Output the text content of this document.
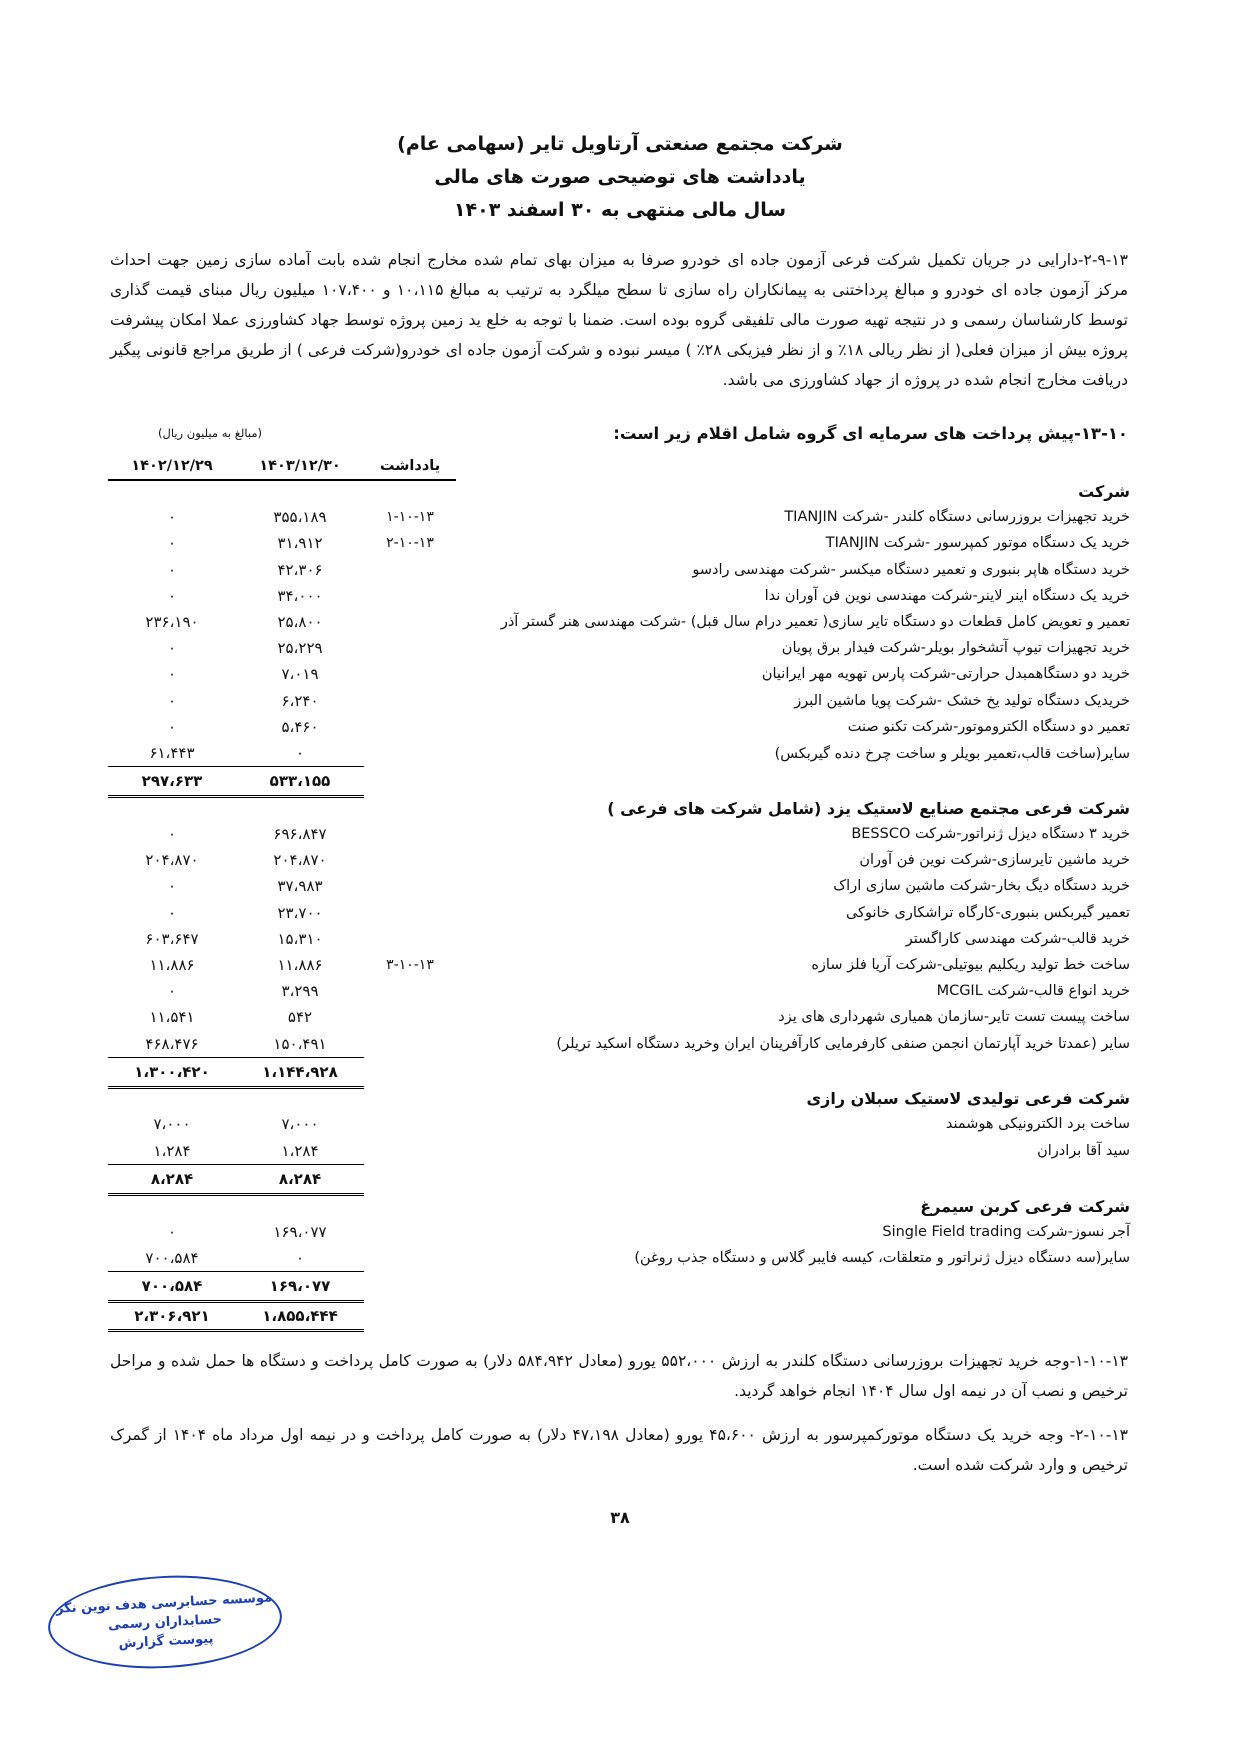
شرکت مجتمع صنعتی آرتاویل تایر (سهامی عام)
یادداشت های توضیحی صورت های مالی
سال مالی منتهی به ۳۰ اسفند ۱۴۰۳

۲-۹-۱۳-دارایی در جریان تکمیل شرکت فرعی آزمون جاده ای خودرو صرفا به میزان بهای تمام شده مخارج انجام شده بابت آماده سازی زمین جهت احداث مرکز آزمون جاده ای خودرو و مبالغ پرداختنی به پیمانکاران راه سازی تا سطح میلگرد به ترتیب به مبالغ ۱۰،۱۱۵ و ۱۰۷،۴۰۰ میلیون ریال مبنای قیمت گذاری توسط کارشناسان رسمی و در نتیجه تهیه صورت مالی تلفیقی گروه بوده است. ضمنا با توجه به خلع ید زمین پروژه توسط جهاد کشاورزی عملا امکان پیشرفت پروژه بیش از میزان فعلی( از نظر ریالی ۱۸٪ و از نظر فیزیکی ۲۸٪ ) میسر نبوده و شرکت آزمون جاده ای خودرو(شرکت فرعی ) از طریق مراجع قانونی پیگیر دریافت مخارج انجام شده در پروژه از جهاد کشاورزی می باشد.

۱۳-۱۰-پیش پرداخت های سرمایه ای گروه شامل اقلام زیر است:
(مبالغ به میلیون ریال)
	یادداشت	۱۴۰۳/۱۲/۳۰	۱۴۰۲/۱۲/۲۹
شرکت			
خرید تجهیزات بروزرسانی دستگاه کلندر -شرکت TIANJIN	۱-۱۰-۱۳	۳۵۵،۱۸۹	۰
خرید یک دستگاه موتور کمپرسور -شرکت TIANJIN	۲-۱۰-۱۳	۳۱،۹۱۲	۰
خرید دستگاه هاپر بنبوری و تعمیر دستگاه میکسر -شرکت مهندسی رادسو		۴۲،۳۰۶	۰
خرید یک دستگاه اینر لاینر-شرکت مهندسی نوین فن آوران ندا		۳۴،۰۰۰	۰
تعمیر و تعویض کامل قطعات دو دستگاه تایر سازی( تعمیر درام سال قبل) -شرکت مهندسی هنر گستر آذر		۲۵،۸۰۰	۲۳۶،۱۹۰
خرید تجهیزات تیوپ آتشخوار بویلر-شرکت فیدار برق پویان		۲۵،۲۲۹	۰
خرید دو دستگاهمبدل حرارتی-شرکت پارس تهویه مهر ایرانیان		۷،۰۱۹	۰
خریدیک دستگاه تولید یخ خشک -شرکت پویا ماشین البرز		۶،۲۴۰	۰
تعمیر دو دستگاه الکتروموتور-شرکت تکنو صنت		۵،۴۶۰	۰
سایر(ساخت قالب،تعمیر بویلر و ساخت چرخ دنده گیربکس)		۰	۶۱،۴۴۳
		۵۳۳،۱۵۵	۲۹۷،۶۳۳
شرکت فرعی مجتمع صنایع لاستیک یزد (شامل شرکت های فرعی )			
خرید ۳ دستگاه دیزل ژنراتور-شرکت BESSCO		۶۹۶،۸۴۷	۰
خرید ماشین تایرسازی-شرکت نوین فن آوران		۲۰۴،۸۷۰	۲۰۴،۸۷۰
خرید دستگاه دیگ بخار-شرکت ماشین سازی اراک		۳۷،۹۸۳	۰
تعمیر گیربکس بنبوری-کارگاه تراشکاری خانوکی		۲۳،۷۰۰	۰
خرید قالب-شرکت مهندسی کاراگستر		۱۵،۳۱۰	۶۰۳،۶۴۷
ساخت خط تولید ریکلیم بیوتیلی-شرکت آریا فلز سازه	۳-۱۰-۱۳	۱۱،۸۸۶	۱۱،۸۸۶
خرید انواع قالب-شرکت MCGIL		۳،۲۹۹	۰
ساخت پیست تست تایر-سازمان همیاری شهرداری های یزد		۵۴۲	۱۱،۵۴۱
سایر (عمدتا خرید آپارتمان انجمن صنفی کارفرمایی کارآفرینان ایران وخرید دستگاه اسکید تریلر)		۱۵۰،۴۹۱	۴۶۸،۴۷۶
		۱،۱۴۴،۹۲۸	۱،۳۰۰،۴۲۰
شرکت فرعی تولیدی لاستیک سبلان رازی			
ساخت برد الکترونیکی هوشمند		۷،۰۰۰	۷،۰۰۰
سید آقا برادران		۱،۲۸۴	۱،۲۸۴
		۸،۲۸۴	۸،۲۸۴
شرکت فرعی کربن سیمرغ			
آجر نسوز-شرکت Single Field trading		۱۶۹،۰۷۷	۰
سایر(سه دستگاه دیزل ژنراتور و متعلقات، کیسه فایبر گلاس و دستگاه جذب روغن)		۰	۷۰۰،۵۸۴
		۱۶۹،۰۷۷	۷۰۰،۵۸۴
		۱،۸۵۵،۴۴۴	۲،۳۰۶،۹۲۱

۱-۱۰-۱۳-وجه خرید تجهیزات بروزرسانی دستگاه کلندر به ارزش ۵۵۲،۰۰۰ یورو (معادل ۵۸۴،۹۴۲ دلار) به صورت کامل پرداخت و دستگاه ها حمل شده و مراحل ترخیص و نصب آن در نیمه اول سال ۱۴۰۴ انجام خواهد گردید.

۲-۱۰-۱۳- وجه خرید یک دستگاه موتورکمپرسور به ارزش ۴۵،۶۰۰ یورو (معادل ۴۷،۱۹۸ دلار) به صورت کامل پرداخت و در نیمه اول مرداد ماه ۱۴۰۴ از گمرک ترخیص و وارد شرکت شده است.

۳۸
موسسه حسابرسی هدف نوین نگر
حسابداران رسمی
پیوست گزارش
